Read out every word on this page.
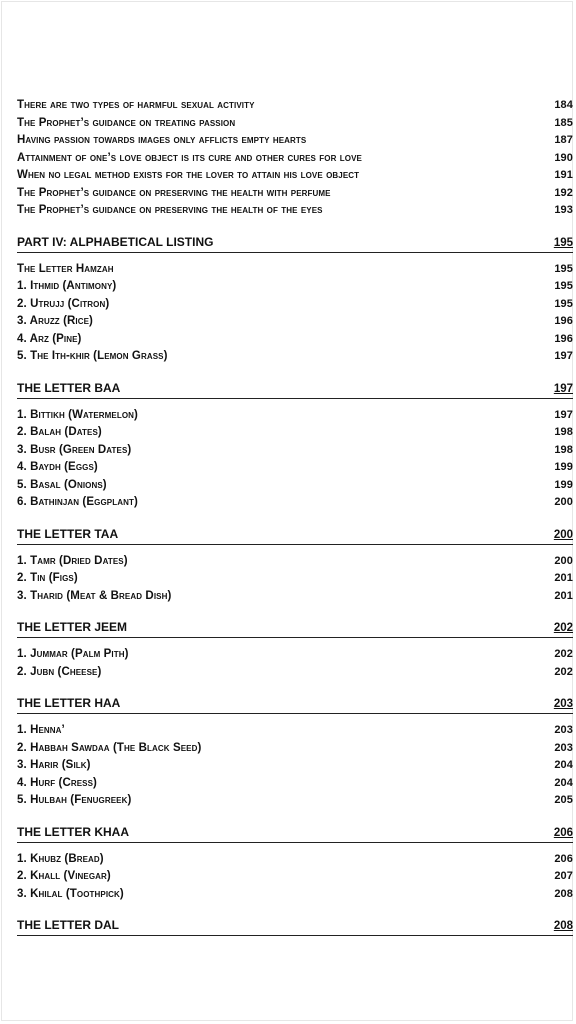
There are two types of harmful sexual activity	184
The Prophet’s guidance on treating passion	185
Having passion towards images only afflicts empty hearts	187
Attainment of one’s love object is its cure and other cures for love	190
When no legal method exists for the lover to attain his love object	191
The Prophet’s guidance on preserving the health with perfume	192
The Prophet’s guidance on preserving the health of the eyes	193
PART IV: ALPHABETICAL LISTING	195
The Letter Hamzah	195
1. Ithmid (Antimony)	195
2. Utrujj (Citron)	195
3. Aruzz (Rice)	196
4. Arz (Pine)	196
5. The Ith-khir (Lemon Grass)	197
THE LETTER BAA	197
1. Bittikh (Watermelon)	197
2. Balah (Dates)	198
3. Busr (Green Dates)	198
4. Baydh (Eggs)	199
5. Basal (Onions)	199
6. Bathinjan (Eggplant)	200
THE LETTER TAA	200
1. Tamr (Dried Dates)	200
2. Tin (Figs)	201
3. Tharid (Meat & Bread Dish)	201
THE LETTER JEEM	202
1. Jummar (Palm Pith)	202
2. Jubn (Cheese)	202
THE LETTER HAA	203
1. Henna’	203
2. Habbah Sawdaa (The Black Seed)	203
3. Harir (Silk)	204
4. Hurf (Cress)	204
5. Hulbah (Fenugreek)	205
THE LETTER KHAA	206
1. Khubz (Bread)	206
2. Khall (Vinegar)	207
3. Khilal (Toothpick)	208
THE LETTER DAL	208
